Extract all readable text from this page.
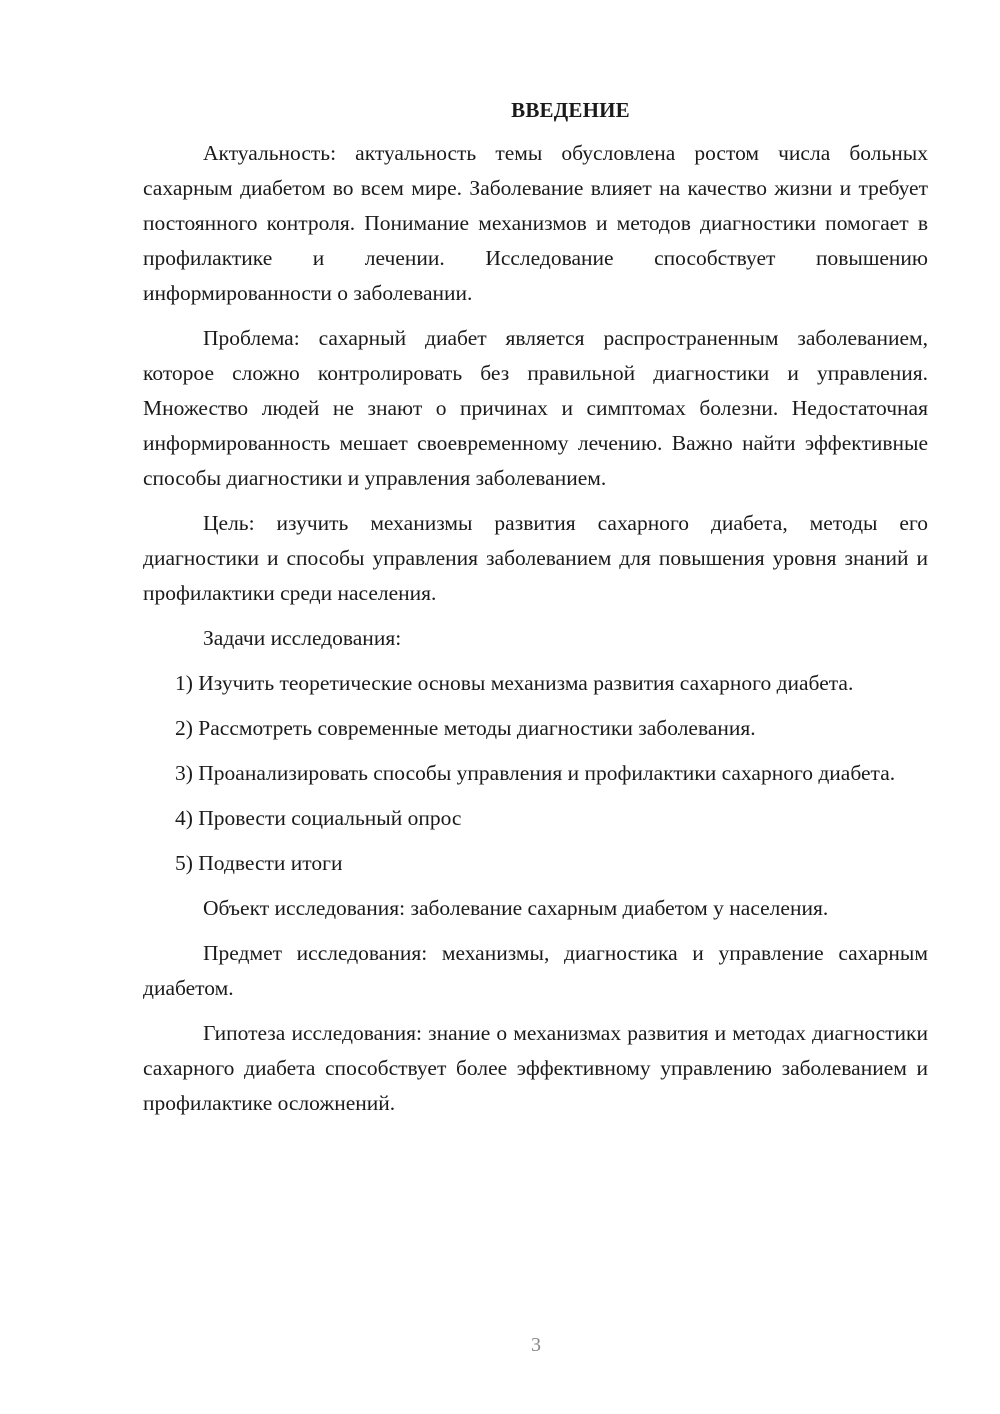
ВВЕДЕНИЕ

Актуальность: актуальность темы обусловлена ростом числа больных сахарным диабетом во всем мире. Заболевание влияет на качество жизни и требует постоянного контроля. Понимание механизмов и методов диагностики помогает в профилактике и лечении. Исследование способствует повышению информированности о заболевании.

Проблема: сахарный диабет является распространенным заболеванием, которое сложно контролировать без правильной диагностики и управления. Множество людей не знают о причинах и симптомах болезни. Недостаточная информированность мешает своевременному лечению. Важно найти эффективные способы диагностики и управления заболеванием.

Цель: изучить механизмы развития сахарного диабета, методы его диагностики и способы управления заболеванием для повышения уровня знаний и профилактики среди населения.

Задачи исследования:

1) Изучить теоретические основы механизма развития сахарного диабета.

2) Рассмотреть современные методы диагностики заболевания.

3) Проанализировать способы управления и профилактики сахарного диабета.

4) Провести социальный опрос

5) Подвести итоги

Объект исследования: заболевание сахарным диабетом у населения.

Предмет исследования: механизмы, диагностика и управление сахарным диабетом.

Гипотеза исследования: знание о механизмах развития и методах диагностики сахарного диабета способствует более эффективному управлению заболеванием и профилактике осложнений.

3
